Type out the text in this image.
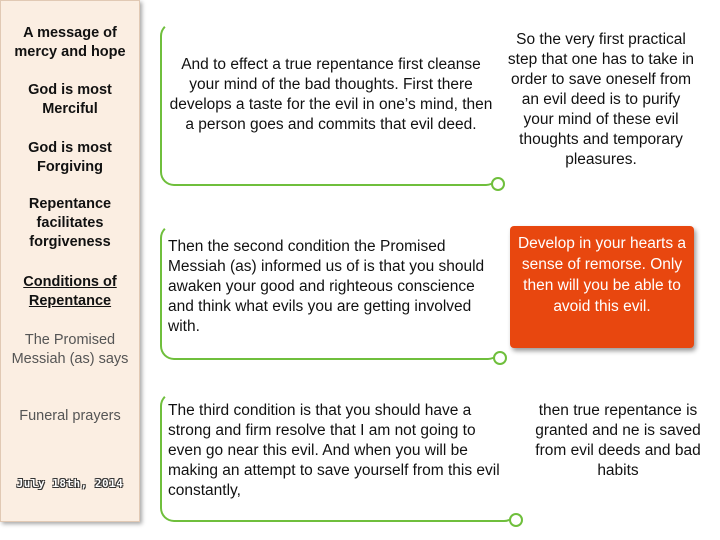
A message of mercy and hope
God is most Merciful
God is most Forgiving
Repentance facilitates forgiveness
Conditions of Repentance
The Promised Messiah (as) says
Funeral prayers
July 18th, 2014
And to effect a true repentance first cleanse your mind of the bad thoughts. First there develops a taste for the evil in one’s mind, then a person goes and commits that evil deed.
So the very first practical step that one has to take in order to save oneself from an evil deed is to purify your mind of these evil thoughts and temporary pleasures.
Then the second condition the Promised Messiah (as) informed us of is that you should awaken your good and righteous conscience and think what evils you are getting involved with.
Develop in your hearts a sense of remorse. Only then will you be able to avoid this evil.
The third condition is that you should have a strong and firm resolve that I am not going to even go near this evil. And when you will be making an attempt to save yourself from this evil constantly,
then true repentance is granted and ne is saved from evil deeds and bad habits
